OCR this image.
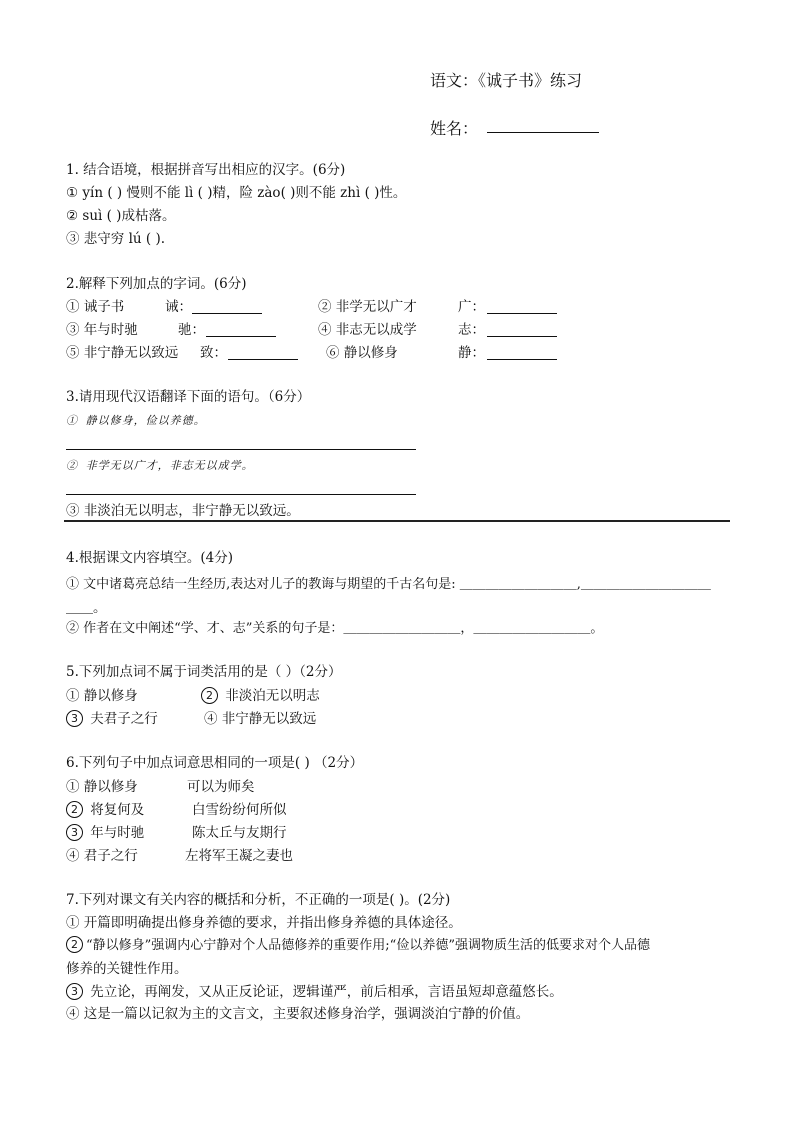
语文：《诚子书》练习
姓名：
1. 结合语境，根据拼音写出相应的汉字。(6分)
① yín ( ) 慢则不能 lì ( )精，险 zào( )则不能 zhì ( )性。
② suì ( )成枯落。
③ 悲守穷 lú ( ).
2.解释下列加点的字词。(6分)
① 诫子书	诫：	② 非学无以广才	广：
③ 年与时驰	驰：	④ 非志无以成学	志：
⑤ 非宁静无以致远 致：	⑥ 静以修身	静：
3.请用现代汉语翻译下面的语句。（6分）
① 静以修身，俭以养德。
② 非学无以广才，非志无以成学。
③ 非淡泊无以明志，非宁静无以致远。
4.根据课文内容填空。(4分)
① 文中诸葛亮总结一生经历,表达对儿子的教诲与期望的千古名句是: ＿＿＿＿＿＿＿＿＿,＿＿＿＿＿＿＿＿＿＿
＿＿。
② 作者在文中阐述“学、才、志”关系的句子是：＿＿＿＿＿＿＿＿＿，＿＿＿＿＿＿＿＿＿。
5.下列加点词不属于词类活用的是（ ）（2分）
① 静以修身	2 非淡泊无以明志
3 夫君子之行	④ 非宁静无以致远
6.下列句子中加点词意思相同的一项是( ) （2分）
① 静以修身	可以为师矣
2 将复何及	白雪纷纷何所似
3 年与时驰	陈太丘与友期行
④ 君子之行	左将军王凝之妻也
7.下列对课文有关内容的概括和分析，不正确的一项是( )。(2分)
① 开篇即明确提出修身养德的要求，并指出修身养德的具体途径。
2 “静以修身”强调内心宁静对个人品德修养的重要作用;“俭以养德”强调物质生活的低要求对个人品德
修养的关键性作用。
3 先立论，再阐发，又从正反论证，逻辑谨严，前后相承，言语虽短却意蕴悠长。
④ 这是一篇以记叙为主的文言文，主要叙述修身治学，强调淡泊宁静的价值。
